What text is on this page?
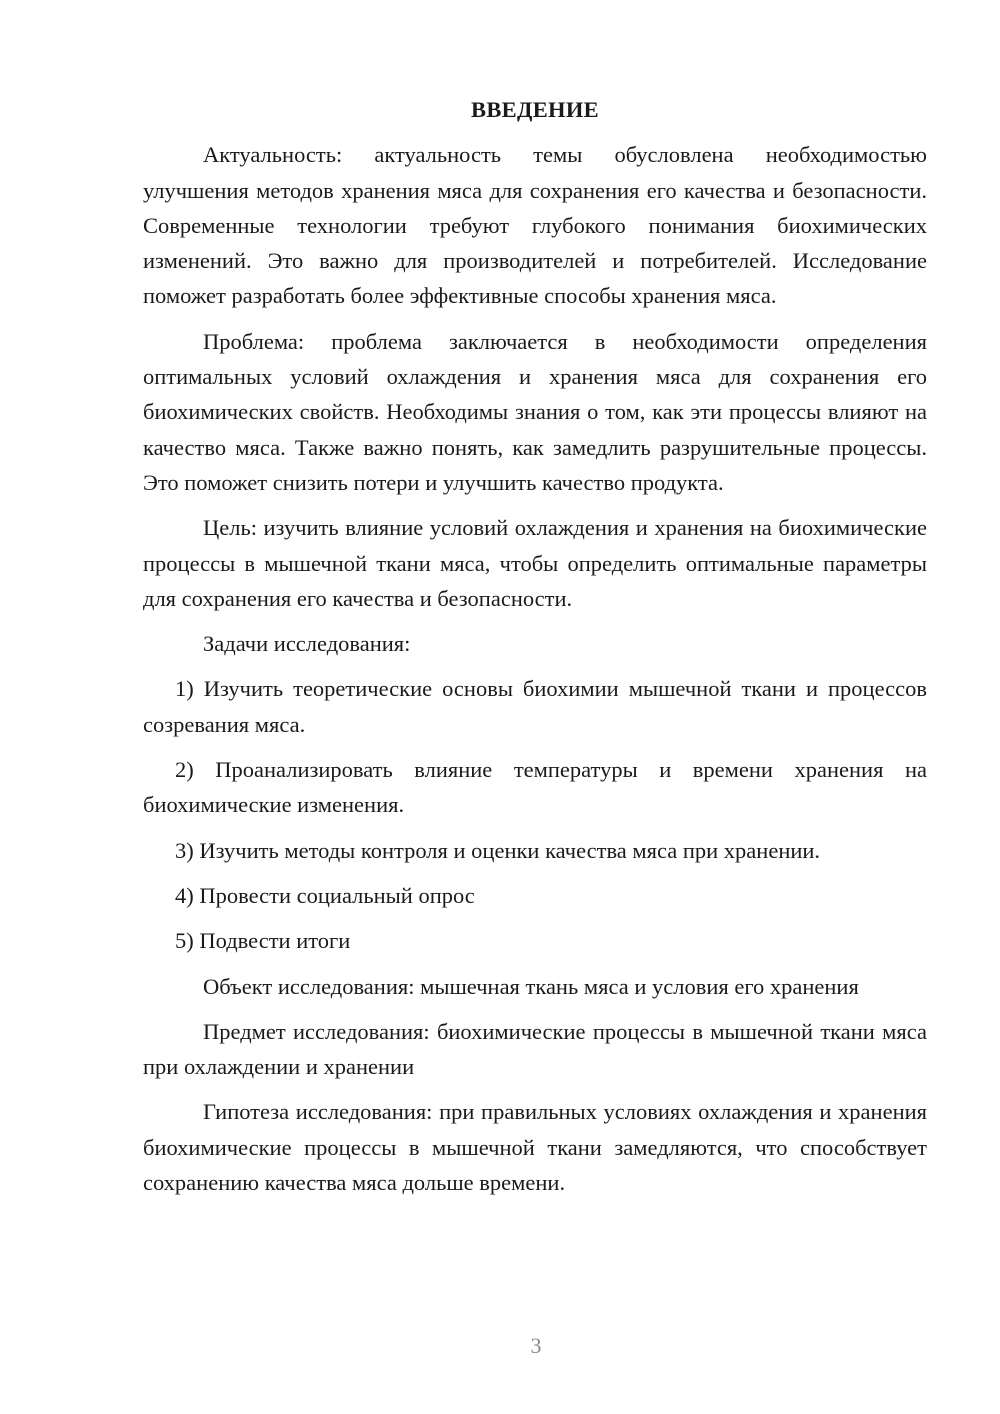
ВВЕДЕНИЕ

Актуальность: актуальность темы обусловлена необходимостью улучшения методов хранения мяса для сохранения его качества и безопасности. Современные технологии требуют глубокого понимания биохимических изменений. Это важно для производителей и потребителей. Исследование поможет разработать более эффективные способы хранения мяса.

Проблема: проблема заключается в необходимости определения оптимальных условий охлаждения и хранения мяса для сохранения его биохимических свойств. Необходимы знания о том, как эти процессы влияют на качество мяса. Также важно понять, как замедлить разрушительные процессы. Это поможет снизить потери и улучшить качество продукта.

Цель: изучить влияние условий охлаждения и хранения на биохимические процессы в мышечной ткани мяса, чтобы определить оптимальные параметры для сохранения его качества и безопасности.

Задачи исследования:

1) Изучить теоретические основы биохимии мышечной ткани и процессов созревания мяса.

2) Проанализировать влияние температуры и времени хранения на биохимические изменения.

3) Изучить методы контроля и оценки качества мяса при хранении.

4) Провести социальный опрос

5) Подвести итоги

Объект исследования: мышечная ткань мяса и условия его хранения

Предмет исследования: биохимические процессы в мышечной ткани мяса при охлаждении и хранении

Гипотеза исследования: при правильных условиях охлаждения и хранения биохимические процессы в мышечной ткани замедляются, что способствует сохранению качества мяса дольше времени.

3
